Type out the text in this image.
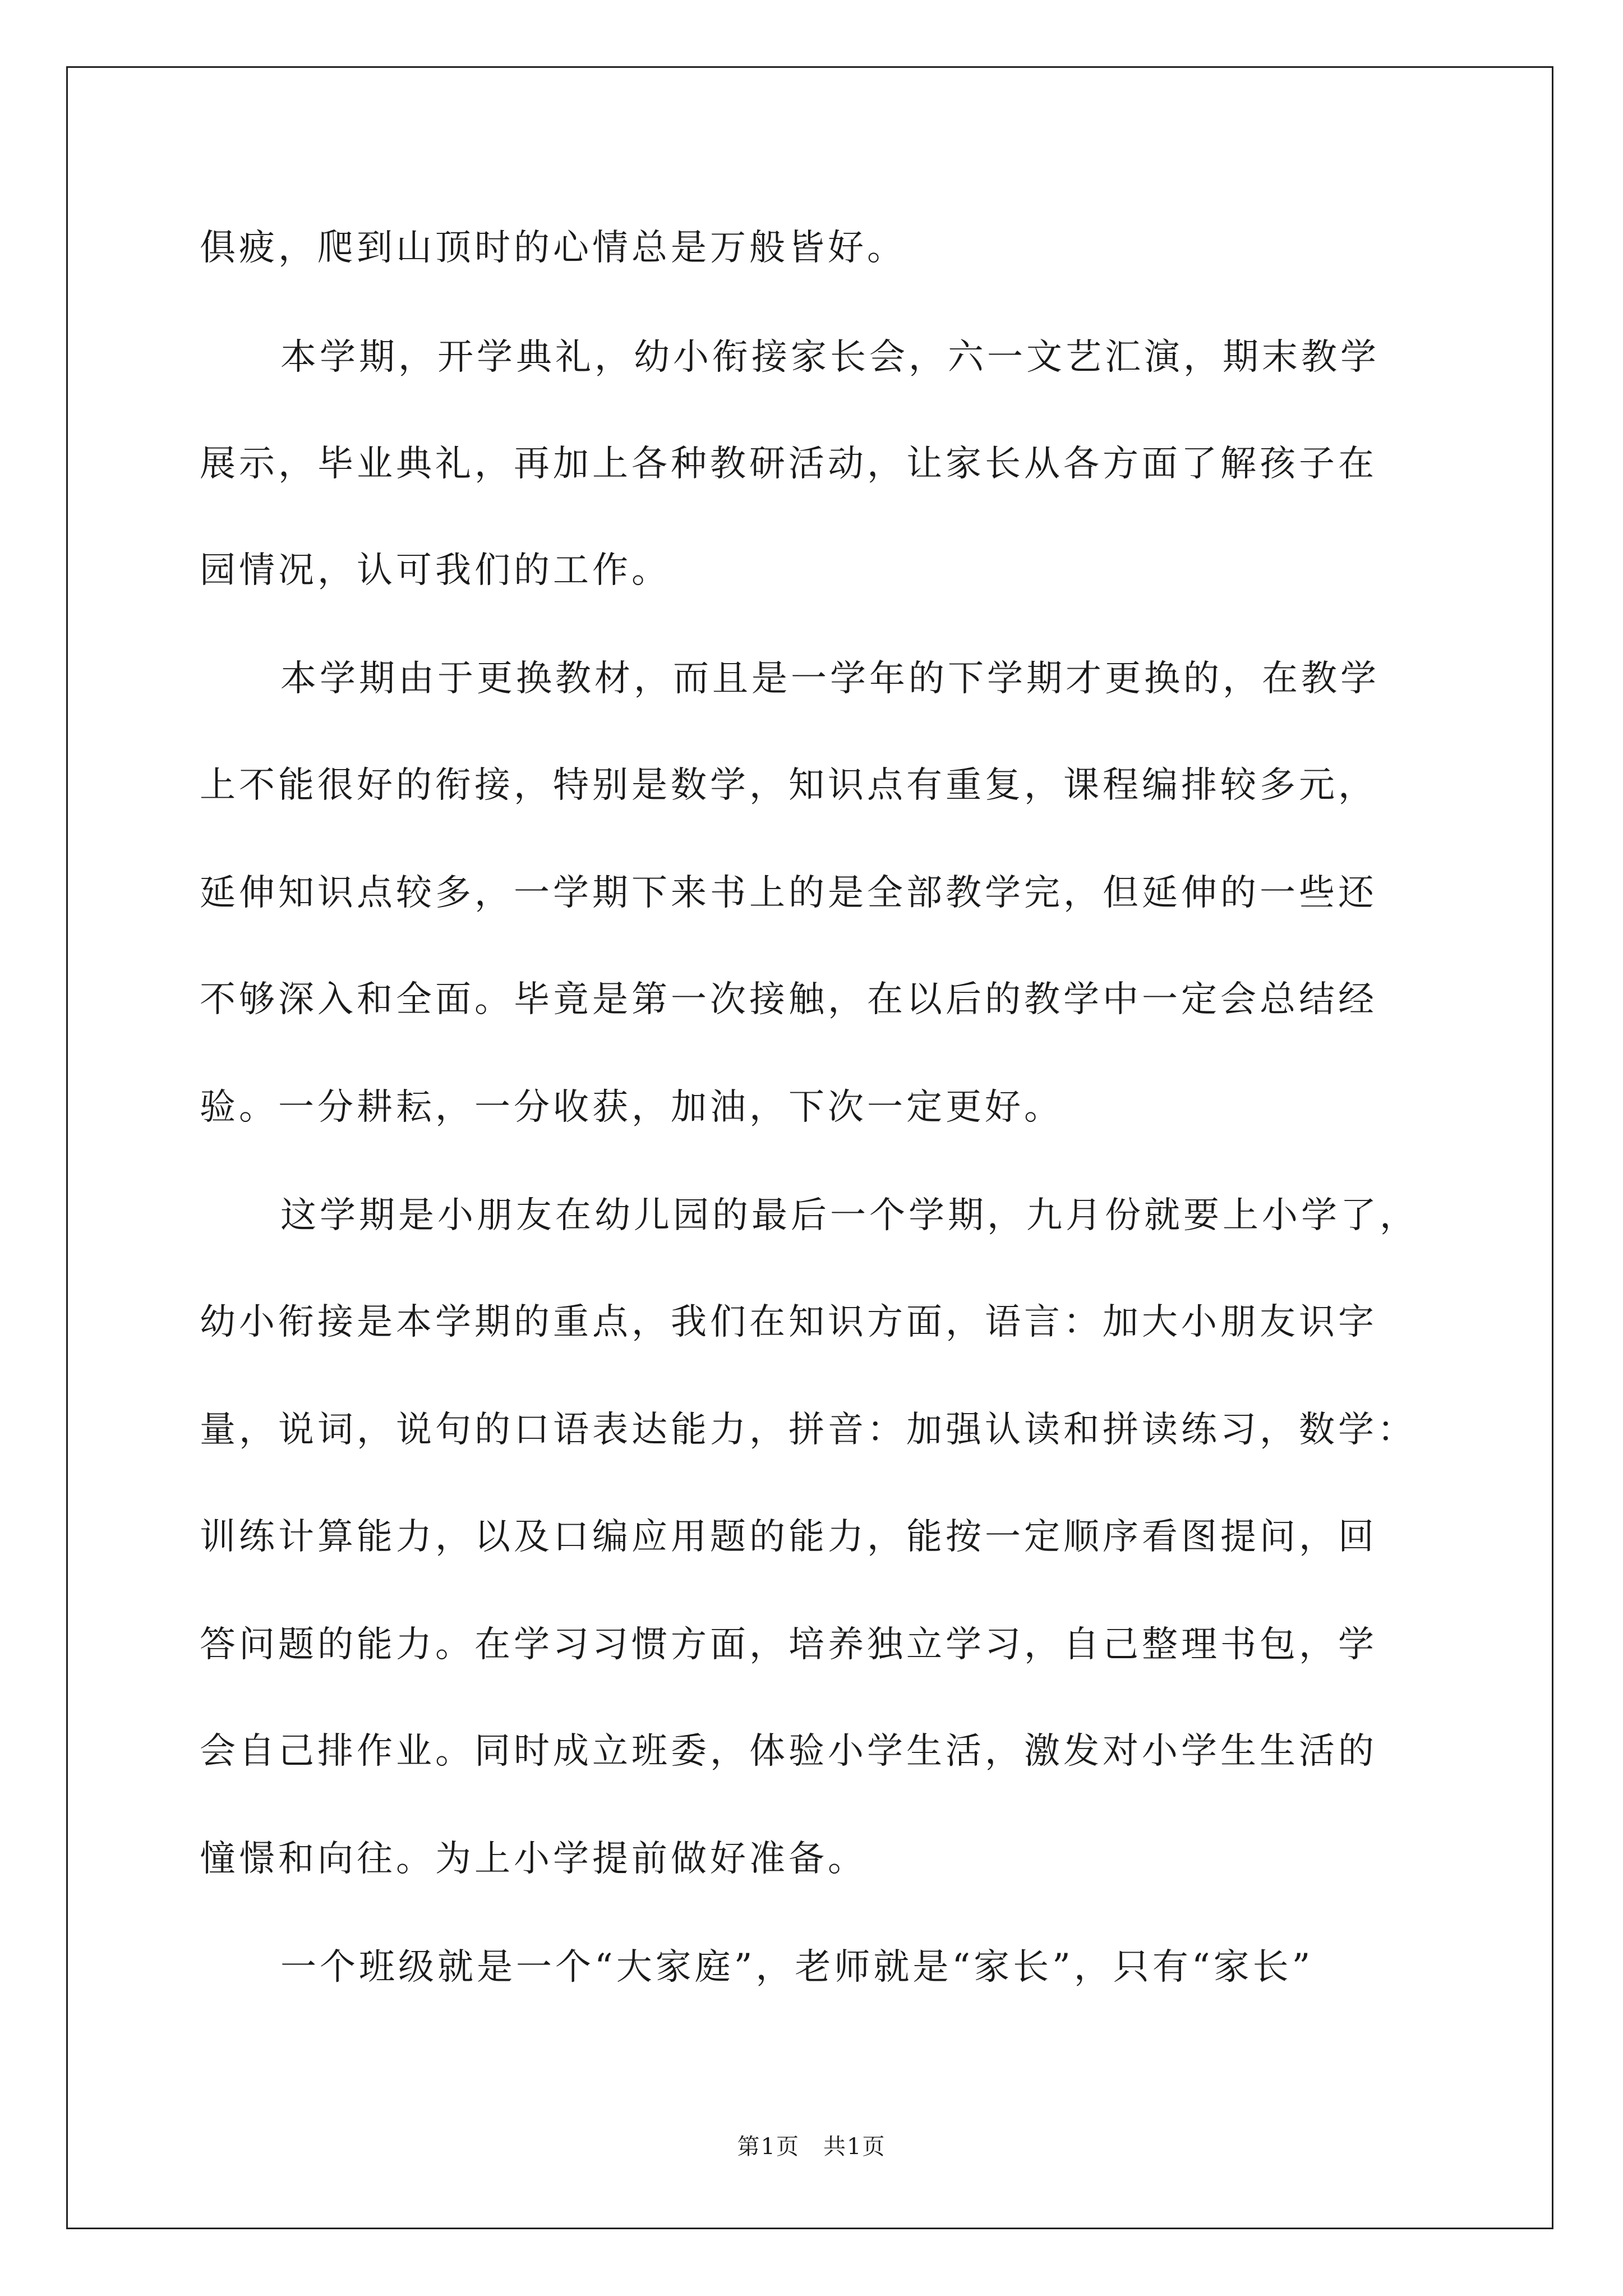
俱疲，爬到山顶时的心情总是万般皆好。
本学期，开学典礼，幼小衔接家长会，六一文艺汇演，期末教学
展示，毕业典礼，再加上各种教研活动，让家长从各方面了解孩子在
园情况，认可我们的工作。
本学期由于更换教材，而且是一学年的下学期才更换的，在教学
上不能很好的衔接，特别是数学，知识点有重复，课程编排较多元，
延伸知识点较多，一学期下来书上的是全部教学完，但延伸的一些还
不够深入和全面。毕竟是第一次接触，在以后的教学中一定会总结经
验。一分耕耘，一分收获，加油，下次一定更好。
这学期是小朋友在幼儿园的最后一个学期，九月份就要上小学了，
幼小衔接是本学期的重点，我们在知识方面，语言：加大小朋友识字
量，说词，说句的口语表达能力，拼音：加强认读和拼读练习，数学：
训练计算能力，以及口编应用题的能力，能按一定顺序看图提问，回
答问题的能力。在学习习惯方面，培养独立学习，自己整理书包，学
会自己排作业。同时成立班委，体验小学生活，激发对小学生生活的
憧憬和向往。为上小学提前做好准备。
一个班级就是一个“大家庭”，老师就是“家长”，只有“家长”
第1页　共1页
